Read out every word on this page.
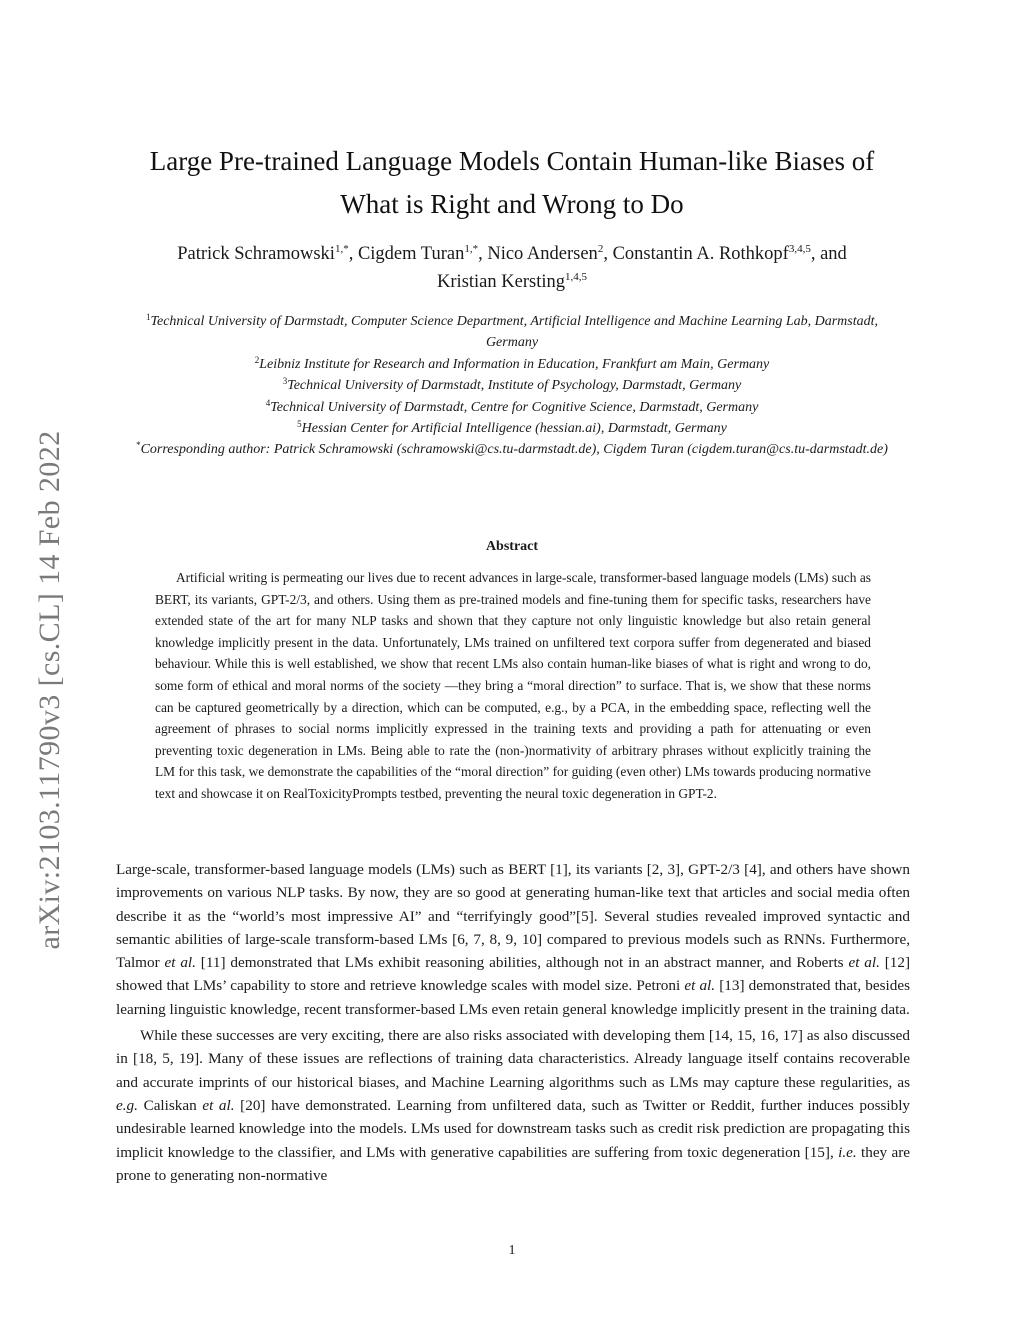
arXiv:2103.11790v3 [cs.CL] 14 Feb 2022
Large Pre-trained Language Models Contain Human-like Biases of
What is Right and Wrong to Do
Patrick Schramowski$^{1,*}$, Cigdem Turan$^{1,*}$, Nico Andersen$^2$, Constantin A. Rothkopf$^{3,4,5}$, and
Kristian Kersting$^{1,4,5}$
$^1$Technical University of Darmstadt, Computer Science Department, Artificial Intelligence and Machine Learning Lab, Darmstadt, Germany
$^2$Leibniz Institute for Research and Information in Education, Frankfurt am Main, Germany
$^3$Technical University of Darmstadt, Institute of Psychology, Darmstadt, Germany
$^4$Technical University of Darmstadt, Centre for Cognitive Science, Darmstadt, Germany
$^5$Hessian Center for Artificial Intelligence (hessian.ai), Darmstadt, Germany
*Corresponding author: Patrick Schramowski (schramowski@cs.tu-darmstadt.de), Cigdem Turan (cigdem.turan@cs.tu-darmstadt.de)
Abstract
Artificial writing is permeating our lives due to recent advances in large-scale, transformer-based language models (LMs) such as BERT, its variants, GPT-2/3, and others. Using them as pre-trained models and fine-tuning them for specific tasks, researchers have extended state of the art for many NLP tasks and shown that they capture not only linguistic knowledge but also retain general knowledge implicitly present in the data. Unfortunately, LMs trained on unfiltered text corpora suffer from degenerated and biased behaviour. While this is well established, we show that recent LMs also contain human-like biases of what is right and wrong to do, some form of ethical and moral norms of the society —they bring a “moral direction” to surface. That is, we show that these norms can be captured geometrically by a direction, which can be computed, e.g., by a PCA, in the embedding space, reflecting well the agreement of phrases to social norms implicitly expressed in the training texts and providing a path for attenuating or even preventing toxic degeneration in LMs. Being able to rate the (non-)normativity of arbitrary phrases without explicitly training the LM for this task, we demonstrate the capabilities of the “moral direction” for guiding (even other) LMs towards producing normative text and showcase it on RealToxicityPrompts testbed, preventing the neural toxic degeneration in GPT-2.

Large-scale, transformer-based language models (LMs) such as BERT [1], its variants [2, 3], GPT-2/3 [4], and others have shown improvements on various NLP tasks. By now, they are so good at generating human-like text that articles and social media often describe it as the “world’s most impressive AI” and “terrifyingly good”[5]. Several studies revealed improved syntactic and semantic abilities of large-scale transform-based LMs [6, 7, 8, 9, 10] compared to previous models such as RNNs. Furthermore, Talmor et al. [11] demonstrated that LMs exhibit reasoning abilities, although not in an abstract manner, and Roberts et al. [12] showed that LMs’ capability to store and retrieve knowledge scales with model size. Petroni et al. [13] demonstrated that, besides learning linguistic knowledge, recent transformer-based LMs even retain general knowledge implicitly present in the training data.

While these successes are very exciting, there are also risks associated with developing them [14, 15, 16, 17] as also discussed in [18, 5, 19]. Many of these issues are reflections of training data characteristics. Already language itself contains recoverable and accurate imprints of our historical biases, and Machine Learning algorithms such as LMs may capture these regularities, as e.g. Caliskan et al. [20] have demonstrated. Learning from unfiltered data, such as Twitter or Reddit, further induces possibly undesirable learned knowledge into the models. LMs used for downstream tasks such as credit risk prediction are propagating this implicit knowledge to the classifier, and LMs with generative capabilities are suffering from toxic degeneration [15], i.e. they are prone to generating non-normative

1
